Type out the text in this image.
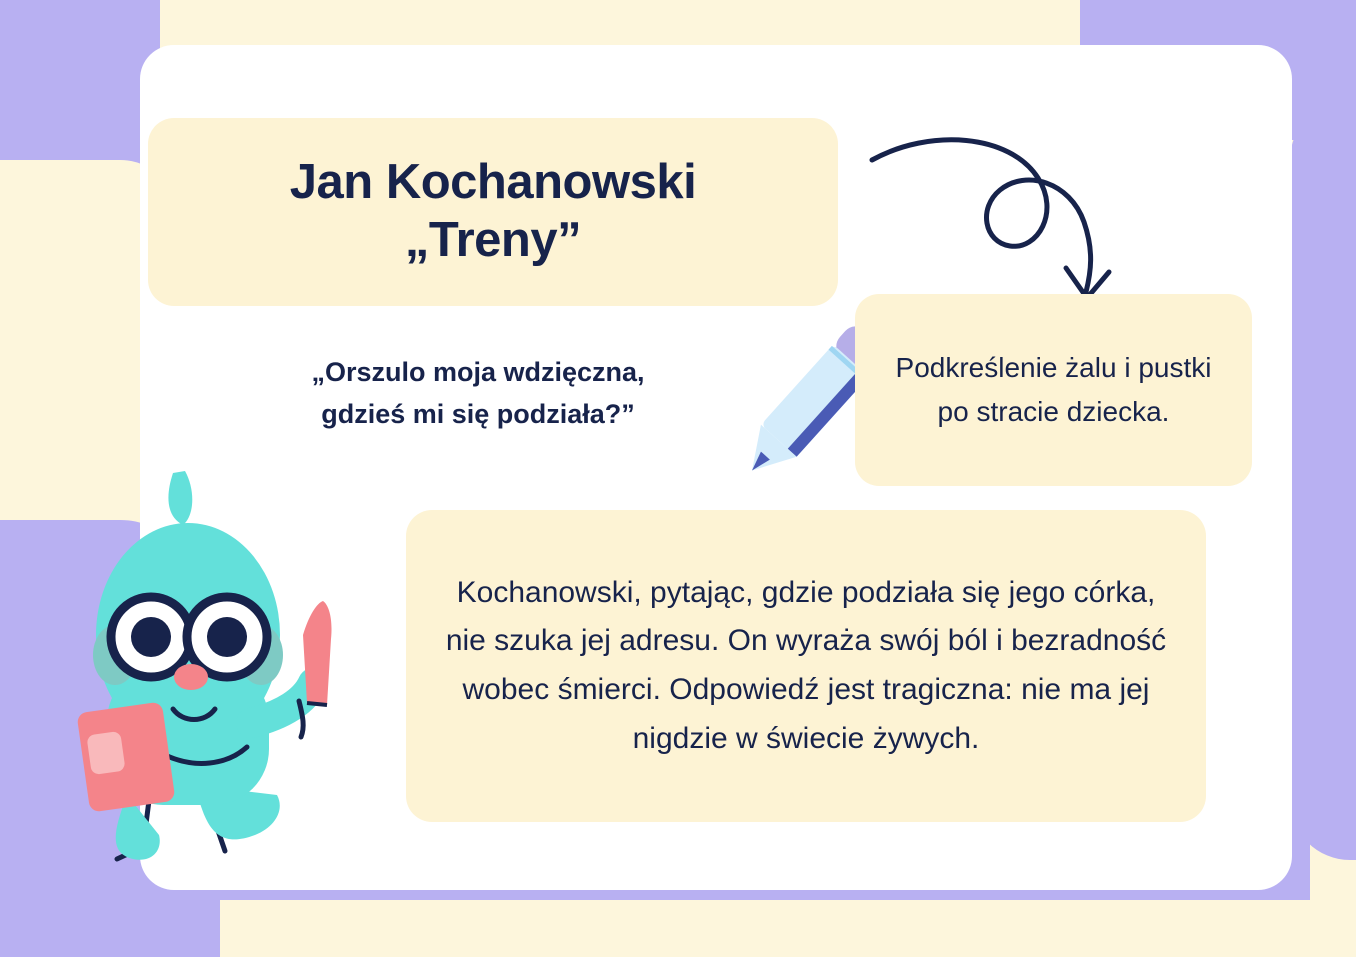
Jan Kochanowski
„Treny”
„Orszulo moja wdzięczna,
gdzieś mi się podziała?”

Podkreślenie żalu i pustki po stracie dziecka.

Kochanowski, pytając, gdzie podziała się jego córka, nie szuka jej adresu. On wyraża swój ból i bezradność wobec śmierci. Odpowiedź jest tragiczna: nie ma jej nigdzie w świecie żywych.
